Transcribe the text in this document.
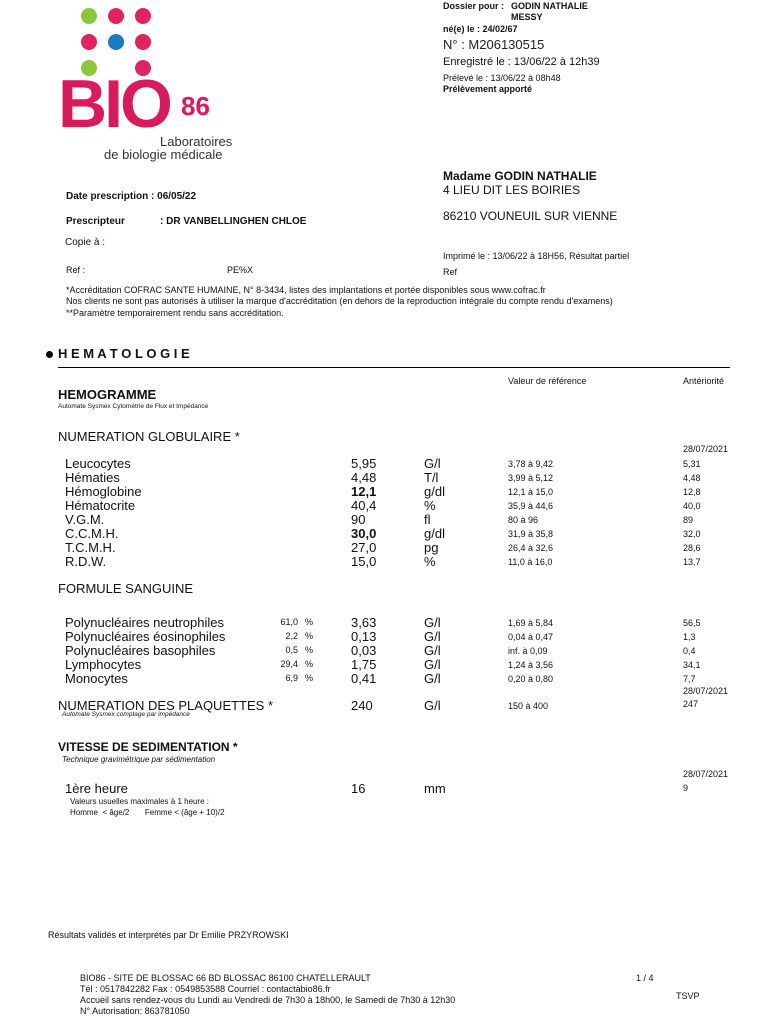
BIO 86
Laboratoires
de biologie médicale
Dossier pour : GODIN NATHALIE
MESSY
né(e) le : 24/02/67
N° : M206130515
Enregistré le : 13/06/22 à 12h39
Prélevé le : 13/06/22 à 08h48
Prélèvement apporté
Madame GODIN NATHALIE
4 LIEU DIT LES BOIRIES
86210 VOUNEUIL SUR VIENNE
Date prescription : 06/05/22
Prescripteur	: DR VANBELLINGHEN CHLOE
Copie à :
Ref :	PE%X
Imprimé le : 13/06/22 à 18H56, Résultat partiel
Ref
*Accréditation COFRAC SANTE HUMAINE, N° 8-3434, listes des implantations et portée disponibles sous www.cofrac.fr
Nos clients ne sont pas autorisés à utiliser la marque d'accréditation (en dehors de la reproduction intégrale du compte rendu d'examens)
**Paramètre temporairement rendu sans accréditation.
H E M A T O L O G I E
Valeur de référence	Antériorité
HEMOGRAMME
Automate Sysmex Cytométrie de Flux et Impédance
NUMERATION GLOBULAIRE *
28/07/2021
Leucocytes	5,95	G/l	3,78 à 9,42	5,31
Hématies	4,48	T/l	3,99 à 5,12	4,48
Hémoglobine	12,1	g/dl	12,1 à 15,0	12,8
Hématocrite	40,4	%	35,9 à 44,6	40,0
V.G.M.	90	fl	80 à 96	89
C.C.M.H.	30,0	g/dl	31,9 à 35,8	32,0
T.C.M.H.	27,0	pg	26,4 à 32,6	28,6
R.D.W.	15,0	%	11,0 à 16,0	13,7
FORMULE SANGUINE
Polynucléaires neutrophiles	61,0 %	3,63	G/l	1,69 à 5,84	56,5
Polynucléaires éosinophiles	2,2 %	0,13	G/l	0,04 à 0,47	1,3
Polynucléaires basophiles	0,5 %	0,03	G/l	inf. à 0,09	0,4
Lymphocytes	29,4 %	1,75	G/l	1,24 à 3,56	34,1
Monocytes	6,9 %	0,41	G/l	0,20 à 0,80	7,7
28/07/2021
NUMERATION DES PLAQUETTES *
Automate Sysmex comptage par impédance
240	G/l	150 à 400	247
VITESSE DE SEDIMENTATION *
Technique gravimétrique par sédimentation
28/07/2021
1ère heure	16	mm	9
Valeurs usuelles maximales à 1 heure :
Homme  < âge/2       Femme < (âge + 10)/2
Résultats validés et interprétés par Dr Emilie PRZYROWSKI
BIO86 - SITE DE BLOSSAC 66 BD BLOSSAC 86100 CHATELLERAULT
Tél : 0517842282 Fax : 0549853588 Courriel : contactàbio86.fr
Accueil sans rendez-vous du Lundi au Vendredi de 7h30 à 18h00, le Samedi de 7h30 à 12h30
N° Autorisation: 863781050
1 / 4
TSVP
